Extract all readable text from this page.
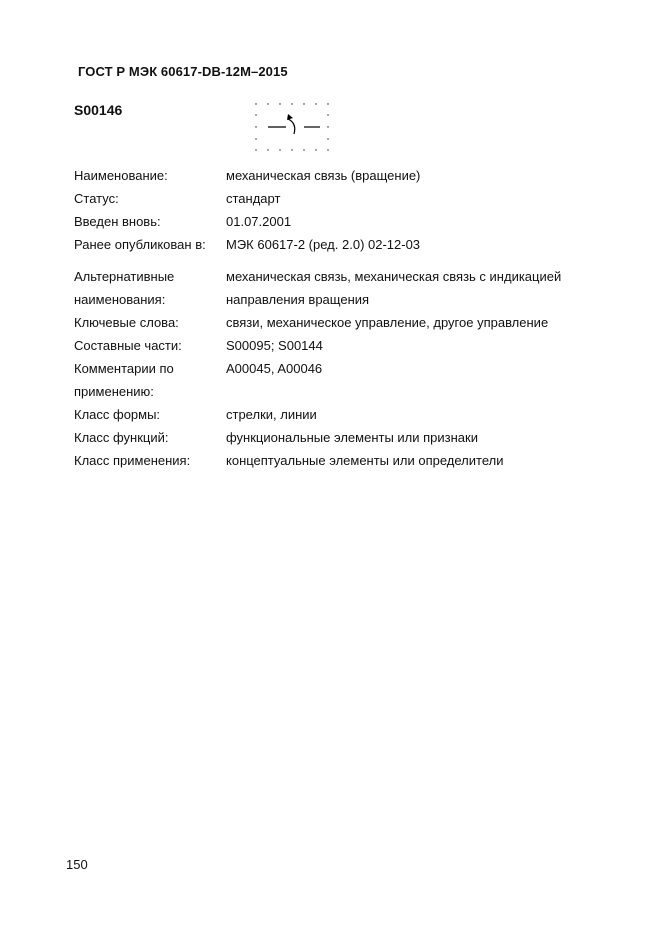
ГОСТ Р МЭК 60617-DB-12M–2015
S00146
Наименование:	механическая связь (вращение)
Статус:	стандарт
Введен вновь:	01.07.2001
Ранее опубликован в:	МЭК 60617-2 (ред. 2.0) 02-12-03
Альтернативные	механическая связь, механическая связь с индикацией
наименования:	направления вращения
Ключевые слова:	связи, механическое управление, другое управление
Составные части:	S00095; S00144
Комментарии по	A00045, A00046
применению:
Класс формы:	стрелки, линии
Класс функций:	функциональные элементы или признаки
Класс применения:	концептуальные элементы или определители
150
